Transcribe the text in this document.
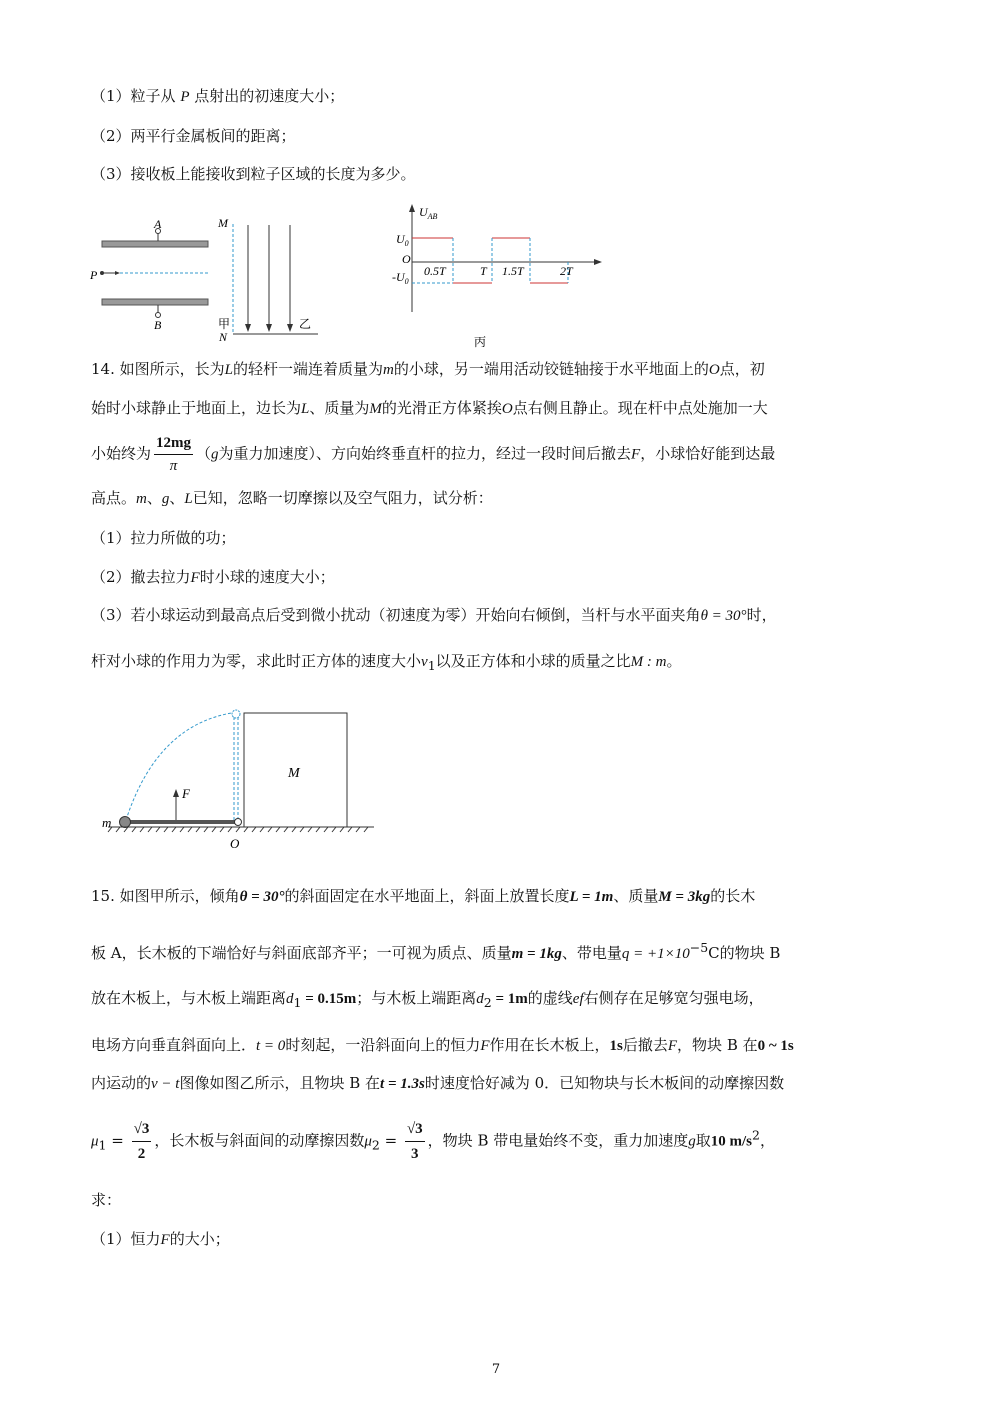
（1）粒子从 P 点射出的初速度大小；
（2）两平行金属板间的距离；
（3）接收板上能接收到粒子区域的长度为多少。
A
B
P
甲
M
N
乙
$U_{AB}$
$U_0$
$-U_0$
O
0.5T	T 1.5T	2T
丙
14. 如图所示，长为L的轻杆一端连着质量为m的小球，另一端用活动铰链轴接于水平地面上的O点，初
始时小球静止于地面上，边长为L、质量为M的光滑正方体紧挨O点右侧且静止。现在杆中点处施加一大
小始终为 $\frac{12mg}{\pi} (g$为重力加速度）、方向始终垂直杆的拉力，经过一段时间后撤去F，小球恰好能到达最
高点。m、g、L已知，忽略一切摩擦以及空气阻力，试分析：
（1）拉力所做的功；
（2）撤去拉力F时小球的速度大小；
（3）若小球运动到最高点后受到微小扰动（初速度为零）开始向右倾倒，当杆与水平面夹角θ = 30°时，
杆对小球的作用力为零，求此时正方体的速度大小$v_1$以及正方体和小球的质量之比M : m。
M
m
F
O
15. 如图甲所示，倾角θ = 30°的斜面固定在水平地面上，斜面上放置长度L = 1m、质量M = 3kg的长木
板 A，长木板的下端恰好与斜面底部齐平；一可视为质点、质量m = 1kg、带电量$q = +1\times 10^{-5}C$的物块 B
放在木板上，与木板上端距离$d_1 = 0.15m$；与木板上端距离$d_2 = 1m$的虚线ef右侧存在足够宽匀强电场，
电场方向垂直斜面向上．t = 0时刻起，一沿斜面向上的恒力F作用在长木板上，1s后撤去F，物块 B 在0 ~ 1s
内运动的v − t图像如图乙所示，且物块 B 在t = 1.3s时速度恰好减为 0．已知物块与长木板间的动摩擦因数
$\mu_1 = \frac{√3}{2}$ ，长木板与斜面间的动摩擦因数$\mu_2 = \frac{√3}{3}$ ，物块 B 带电量始终不变，重力加速度g取10 $m/s^2$，
求：
（1）恒力F的大小；
7
